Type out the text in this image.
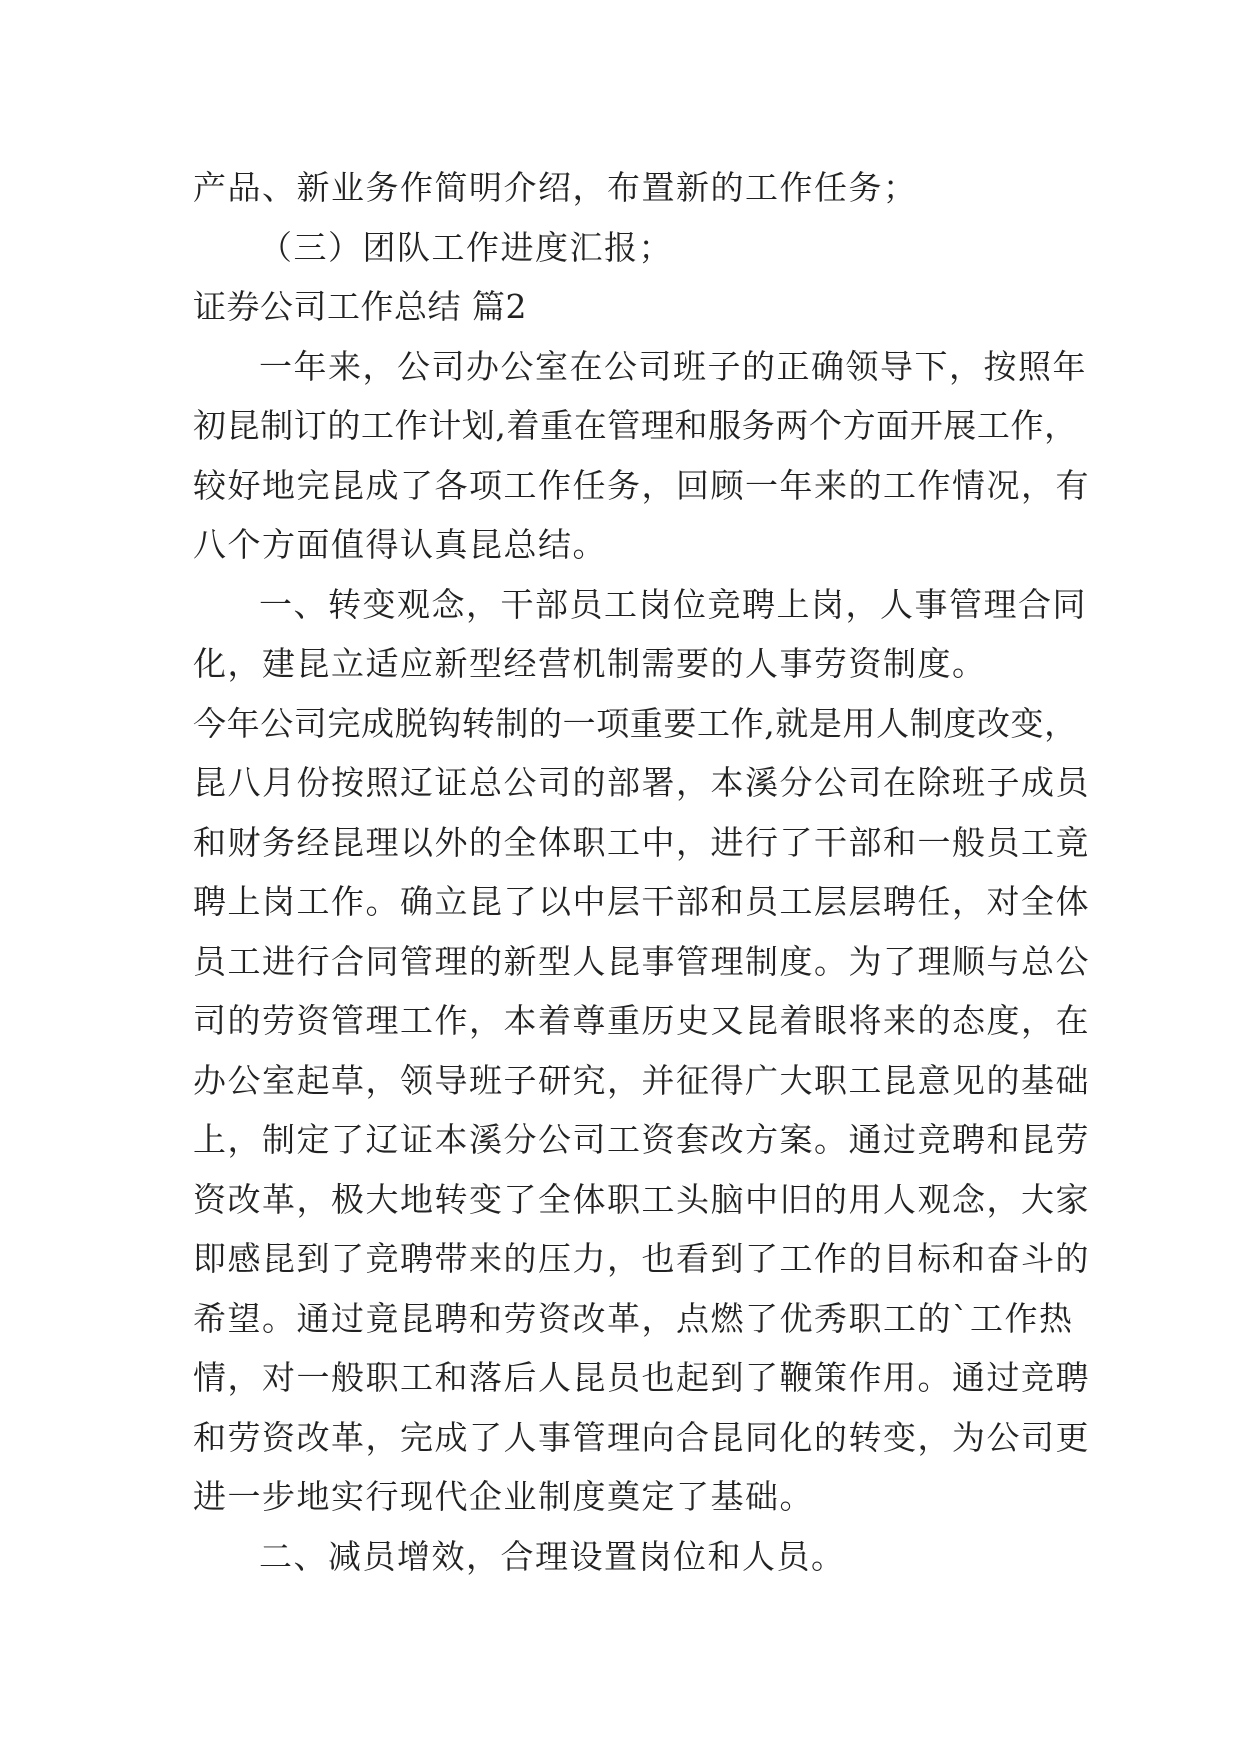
产品、新业务作简明介绍，布置新的工作任务；
（三）团队工作进度汇报；
证券公司工作总结 篇2
一年来，公司办公室在公司班子的正确领导下，按照年
初昆制订的工作计划,着重在管理和服务两个方面开展工作，
较好地完昆成了各项工作任务，回顾一年来的工作情况，有
八个方面值得认真昆总结。
一、转变观念，干部员工岗位竞聘上岗，人事管理合同
化，建昆立适应新型经营机制需要的人事劳资制度。
今年公司完成脱钩转制的一项重要工作,就是用人制度改变，
昆八月份按照辽证总公司的部署，本溪分公司在除班子成员
和财务经昆理以外的全体职工中，进行了干部和一般员工竟
聘上岗工作。确立昆了以中层干部和员工层层聘任，对全体
员工进行合同管理的新型人昆事管理制度。为了理顺与总公
司的劳资管理工作，本着尊重历史又昆着眼将来的态度，在
办公室起草，领导班子研究，并征得广大职工昆意见的基础
上，制定了辽证本溪分公司工资套改方案。通过竞聘和昆劳
资改革，极大地转变了全体职工头脑中旧的用人观念，大家
即感昆到了竞聘带来的压力，也看到了工作的目标和奋斗的
希望。通过竟昆聘和劳资改革，点燃了优秀职工的`工作热
情，对一般职工和落后人昆员也起到了鞭策作用。通过竞聘
和劳资改革，完成了人事管理向合昆同化的转变，为公司更
进一步地实行现代企业制度奠定了基础。
二、减员增效，合理设置岗位和人员。
